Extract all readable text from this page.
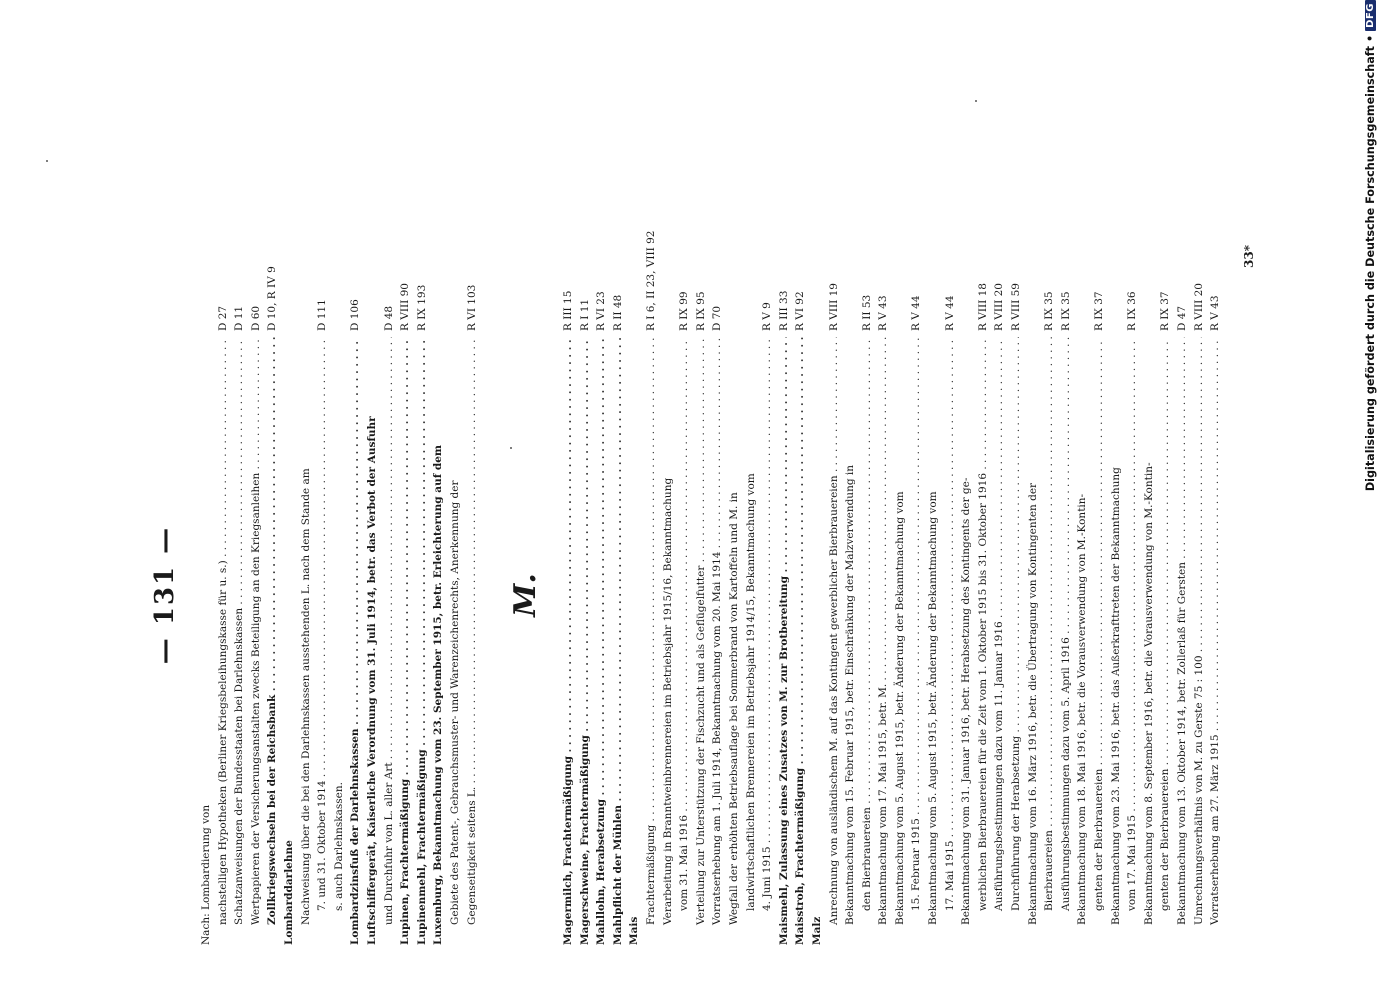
— 131 —
Nach: Lombardierung von nachstelligen Hypotheken (Berliner Kriegsbeleihungskasse für u. s.) . . .
D 27
Schatzanweisungen der Bundesstaaten bei Darlehnskassen . . .
D 11
Wertpapieren der Versicherungsanstalten zwecks Beteiligung an den Kriegsanleihen . . .
D 60
Zollkriegswechseln bei der Reichsbank . . .
D 10, R IV 9
Lombarddarlehne Nachweisung über die bei den Darlehnskassen ausstehenden L. nach dem Stande am 7. und 31. Oktober 1914 . . .
D 111
s. auch Darlehnskassen. Lombardzinsfuß der Darlehnskassen . . .
D 106
Luftschiffergerät, Kaiserliche Verordnung vom 31. Juli 1914, betr. das Verbot der Ausfuhr und Durchfuhr von L. aller Art . . .
D 48
Lupinen, Frachtermäßigung . . .
R VIII 90
Lupinenmehl, Frachtermäßigung . . .
R IX 193
Luxemburg, Bekanntmachung vom 23. September 1915, betr. Erleichterung auf dem Gebiete des Patent-, Gebrauchsmuster- und Warenzeichenrechts, Anerkennung der Gegenseitigkeit seitens L. . . .
R VI 103
M.
Magermilch, Frachtermäßigung . . .
R III 15
Magerschweine, Frachtermäßigung . . .
R I 11
Mahllohn, Herabsetzung . . .
R VI 23
Mahlpflicht der Mühlen . . .
R II 48
Mais
Frachtermäßigung . . .
R I 6, II 23, VIII 92
Verarbeitung in Branntweinbrennereien im Betriebsjahr 1915/16, Bekanntmachung vom 31. Mai 1916 . . .
R IX 99
Verteilung zur Unterstützung der Fischzucht und als Geflügelfutter . . .
R IX 95
Vorratserhebung am 1. Juli 1914, Bekanntmachung vom 20. Mai 1914 . . .
D 70
Wegfall der erhöhten Betriebsauflage bei Sommerbrand von Kartoffeln und M. in landwirtschaftlichen Brennereien im Betriebsjahr 1914/15, Bekanntmachung vom 4. Juni 1915 . . .
R V 9
Maismehl, Zulassung eines Zusatzes von M. zur Brotbereitung . . .
R III 33
Maisstroh, Frachtermäßigung . . .
R VI 92
Malz
Anrechnung von ausländischem M. auf das Kontingent gewerblicher Bierbrauereien . . .
R VIII 19
Bekanntmachung vom 15. Februar 1915, betr. Einschränkung der Malzverwendung in den Bierbrauereien . . .
R II 53
Bekanntmachung vom 17. Mai 1915, betr. M. . . .
R V 43
Bekanntmachung vom 5. August 1915, betr. Änderung der Bekanntmachung vom 15. Februar 1915 . . .
R V 44
Bekanntmachung vom 5. August 1915, betr. Änderung der Bekanntmachung vom 17. Mai 1915 . . .
R V 44
Bekanntmachung vom 31. Januar 1916, betr. Herabsetzung des Kontingents der ge- werblichen Bierbrauereien für die Zeit vom 1. Oktober 1915 bis 31. Oktober 1916 . . .
R VIII 18
Ausführungsbestimmungen dazu vom 11. Januar 1916 . . .
R VIII 20
Durchführung der Herabsetzung . . .
R VIII 59
Bekanntmachung vom 16. März 1916, betr. die Übertragung von Kontingenten der Bierbrauereien . . .
R IX 35
Ausführungsbestimmungen dazu vom 5. April 1916 . . .
R IX 35
Bekanntmachung vom 18. Mai 1916, betr. die Vorausverwendung von M.-Kontin- genten der Bierbrauereien . . .
R IX 37
Bekanntmachung vom 23. Mai 1916, betr. das Außerkrafttreten der Bekanntmachung vom 17. Mai 1915 . . .
R IX 36
Bekanntmachung vom 8. September 1916, betr. die Vorausverwendung von M.-Kontin- genten der Bierbrauereien . . .
R IX 37
Bekanntmachung vom 13. Oktober 1914, betr. Zollerlaß für Gersten . . .
D 47
Umrechnungsverhältnis von M. zu Gerste 75 : 100 . . .
R VIII 20
Vorratserhebung am 27. März 1915 . . .
R V 43
33*	Digitalisierung gefördert durch die Deutsche Forschungsgemeinschaft
•
DFG
